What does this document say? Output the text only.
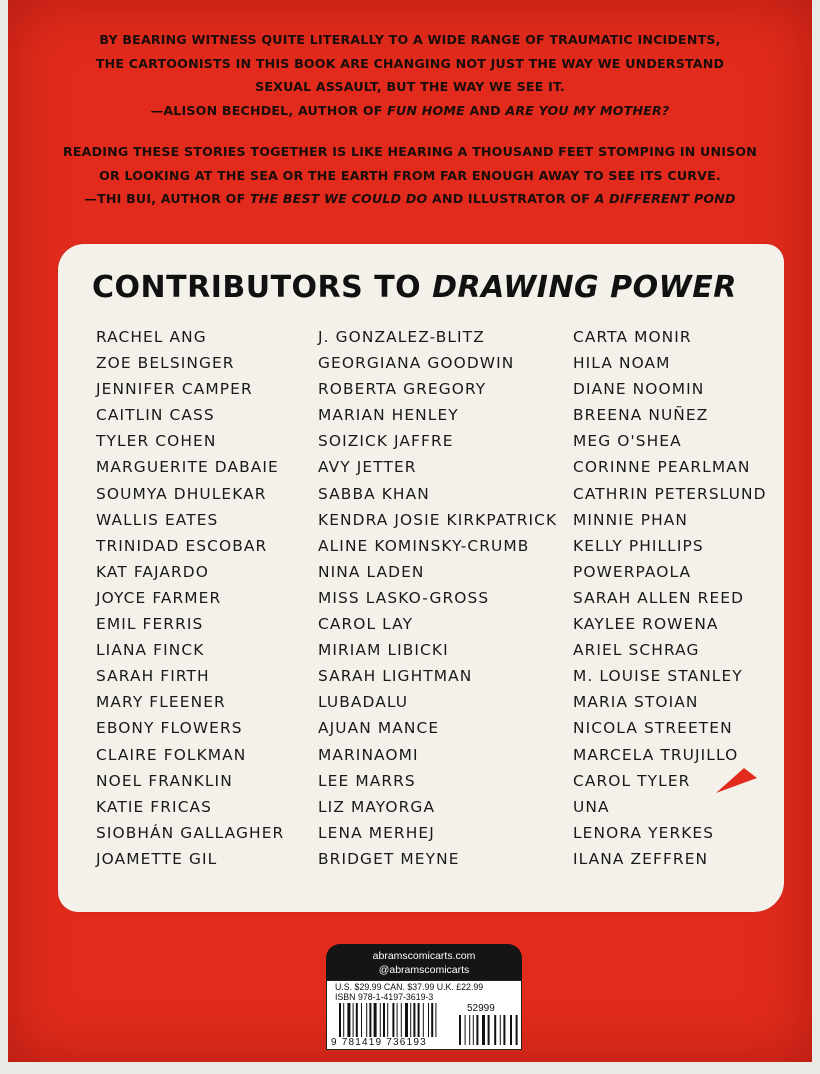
BY BEARING WITNESS QUITE LITERALLY TO A WIDE RANGE OF TRAUMATIC INCIDENTS,
THE CARTOONISTS IN THIS BOOK ARE CHANGING NOT JUST THE WAY WE UNDERSTAND
SEXUAL ASSAULT, BUT THE WAY WE SEE IT.
—ALISON BECHDEL, AUTHOR OF FUN HOME AND ARE YOU MY MOTHER?
READING THESE STORIES TOGETHER IS LIKE HEARING A THOUSAND FEET STOMPING IN UNISON
OR LOOKING AT THE SEA OR THE EARTH FROM FAR ENOUGH AWAY TO SEE ITS CURVE.
—THI BUI, AUTHOR OF THE BEST WE COULD DO AND ILLUSTRATOR OF A DIFFERENT POND
CONTRIBUTORS TO DRAWING POWER
RACHEL ANG
ZOE BELSINGER
JENNIFER CAMPER
CAITLIN CASS
TYLER COHEN
MARGUERITE DABAIE
SOUMYA DHULEKAR
WALLIS EATES
TRINIDAD ESCOBAR
KAT FAJARDO
JOYCE FARMER
EMIL FERRIS
LIANA FINCK
SARAH FIRTH
MARY FLEENER
EBONY FLOWERS
CLAIRE FOLKMAN
NOEL FRANKLIN
KATIE FRICAS
SIOBHÁN GALLAGHER
JOAMETTE GIL
J. GONZALEZ-BLITZ
GEORGIANA GOODWIN
ROBERTA GREGORY
MARIAN HENLEY
SOIZICK JAFFRE
AVY JETTER
SABBA KHAN
KENDRA JOSIE KIRKPATRICK
ALINE KOMINSKY-CRUMB
NINA LADEN
MISS LASKO-GROSS
CAROL LAY
MIRIAM LIBICKI
SARAH LIGHTMAN
LUBADALU
AJUAN MANCE
MARINAOMI
LEE MARRS
LIZ MAYORGA
LENA MERHEJ
BRIDGET MEYNE
CARTA MONIR
HILA NOAM
DIANE NOOMIN
BREENA NUÑEZ
MEG O'SHEA
CORINNE PEARLMAN
CATHRIN PETERSLUND
MINNIE PHAN
KELLY PHILLIPS
POWERPAOLA
SARAH ALLEN REED
KAYLEE ROWENA
ARIEL SCHRAG
M. LOUISE STANLEY
MARIA STOIAN
NICOLA STREETEN
MARCELA TRUJILLO
CAROL TYLER
UNA
LENORA YERKES
ILANA ZEFFREN
abramscomicarts.com
@abramscomicarts
U.S. $29.99 CAN. $37.99 U.K. £22.99
ISBN 978-1-4197-3619-3
52999
9 781419 736193
